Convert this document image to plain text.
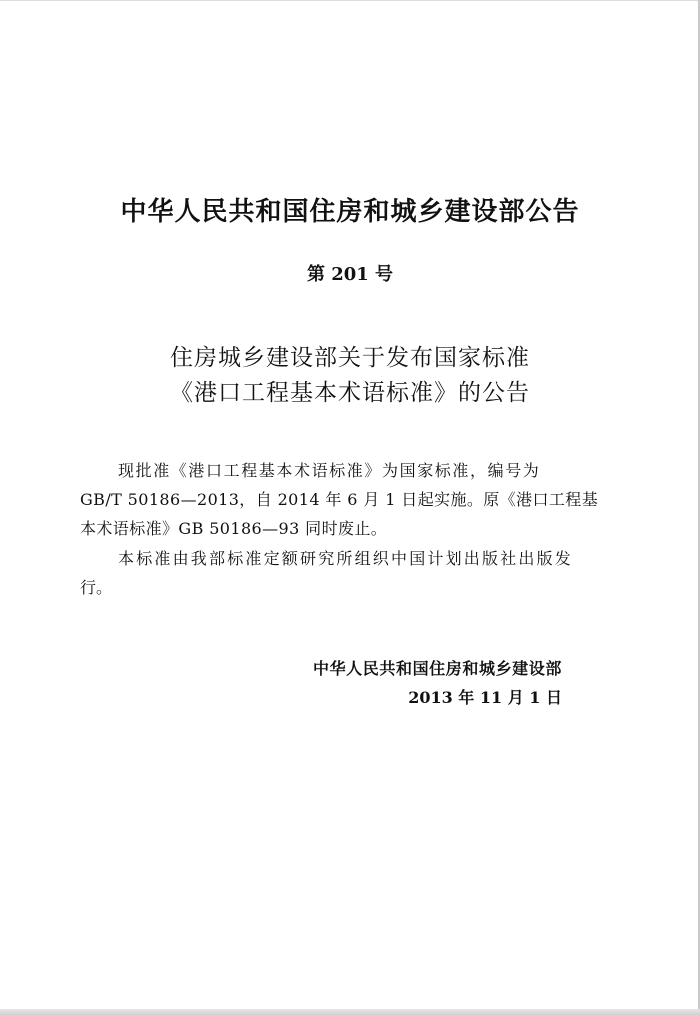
中华人民共和国住房和城乡建设部公告
第 201 号
住房城乡建设部关于发布国家标准
《港口工程基本术语标准》的公告
现批准《港口工程基本术语标准》为国家标准，编号为
GB/T 50186—2013，自 2014 年 6 月 1 日起实施。原《港口工程基
本术语标准》GB 50186—93 同时废止。
本标准由我部标准定额研究所组织中国计划出版社出版发
行。
中华人民共和国住房和城乡建设部
2013 年 11 月 1 日
